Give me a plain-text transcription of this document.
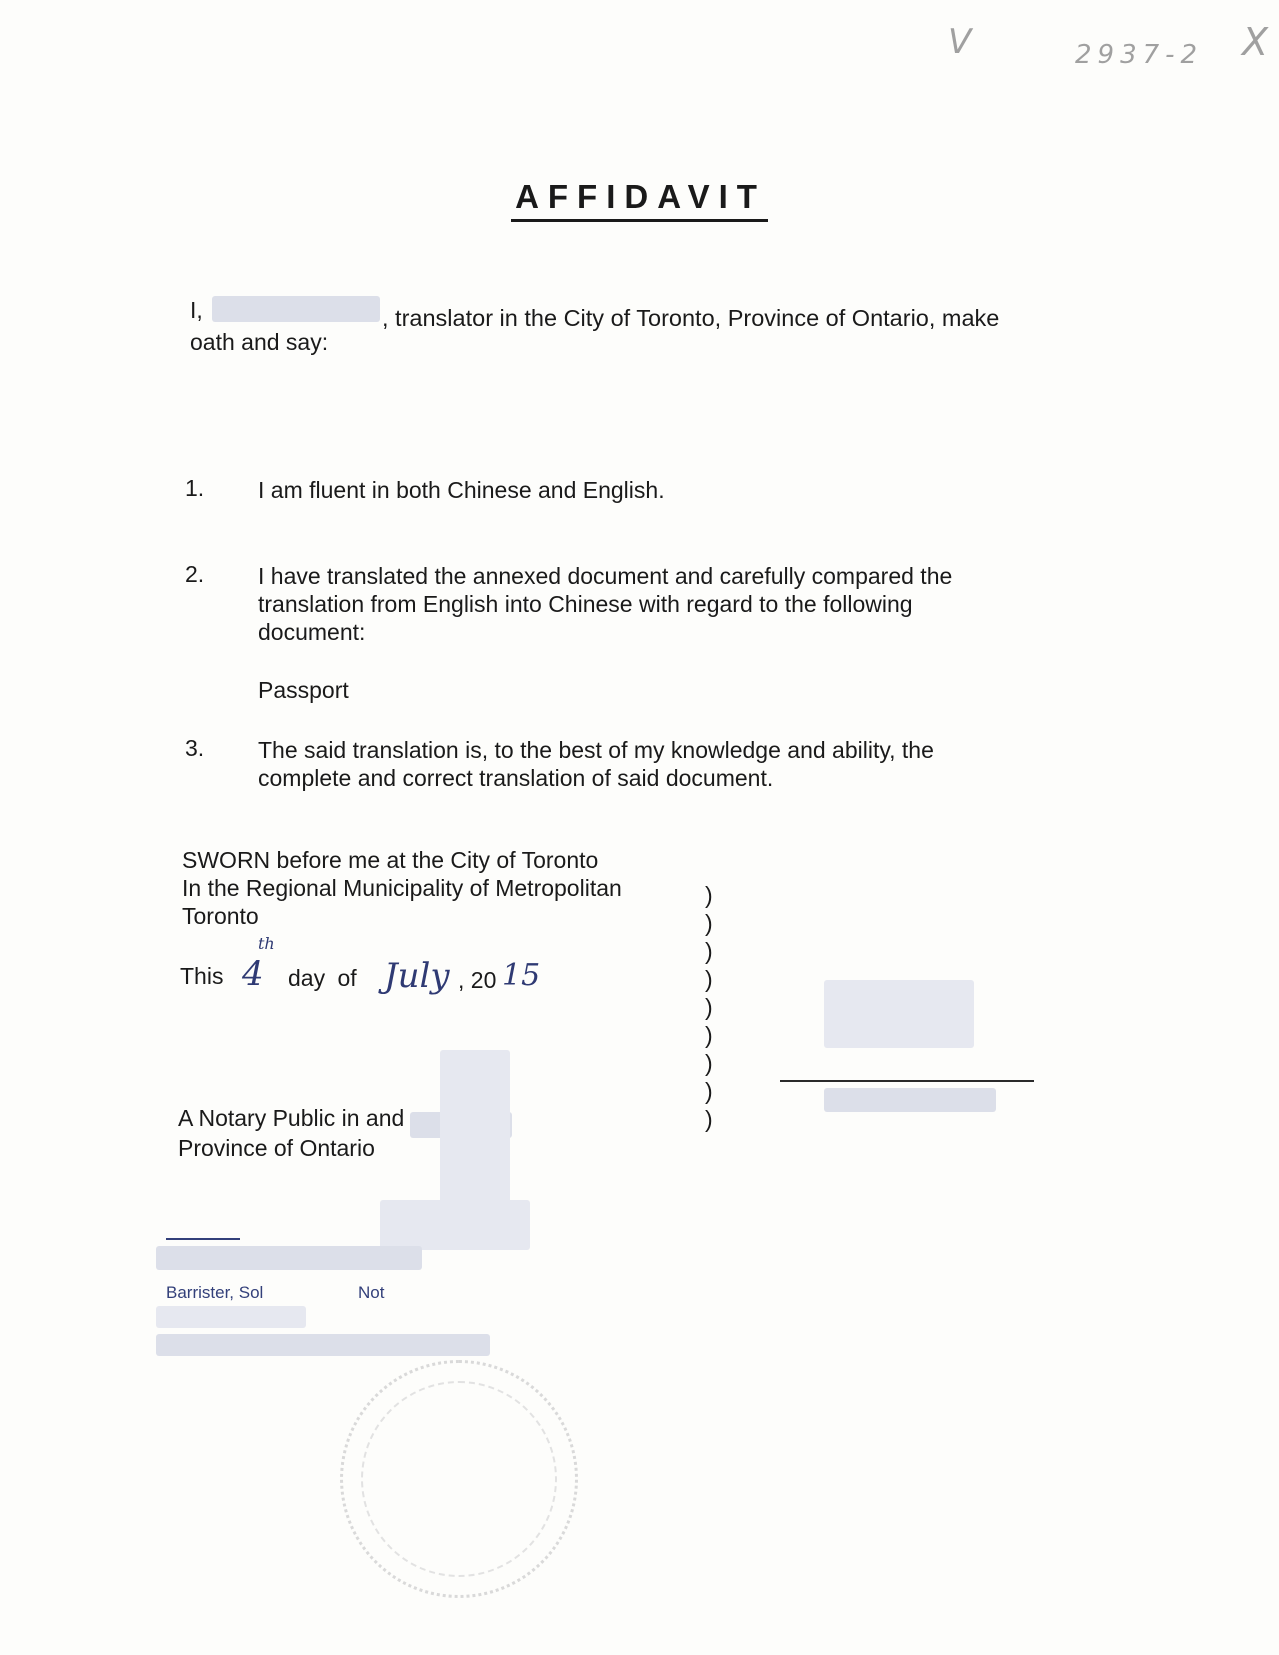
V	2937-2 X
AFFIDAVIT
I,	, translator in the City of Toronto, Province of Ontario, make
oath and say:
1. I am fluent in both Chinese and English.
2. I have translated the annexed document and carefully compared the
translation from English into Chinese with regard to the following
document:
Passport
3. The said translation is, to the best of my knowledge and ability, the
complete and correct translation of said document.
SWORN before me at the City of Toronto
In the Regional Municipality of Metropolitan
Toronto
This 4
th
day of July , 20 15
)
)
)
)
)
)
)
)
)
A Notary Public in and
Province of Ontario
Barrister, Sol	Not
